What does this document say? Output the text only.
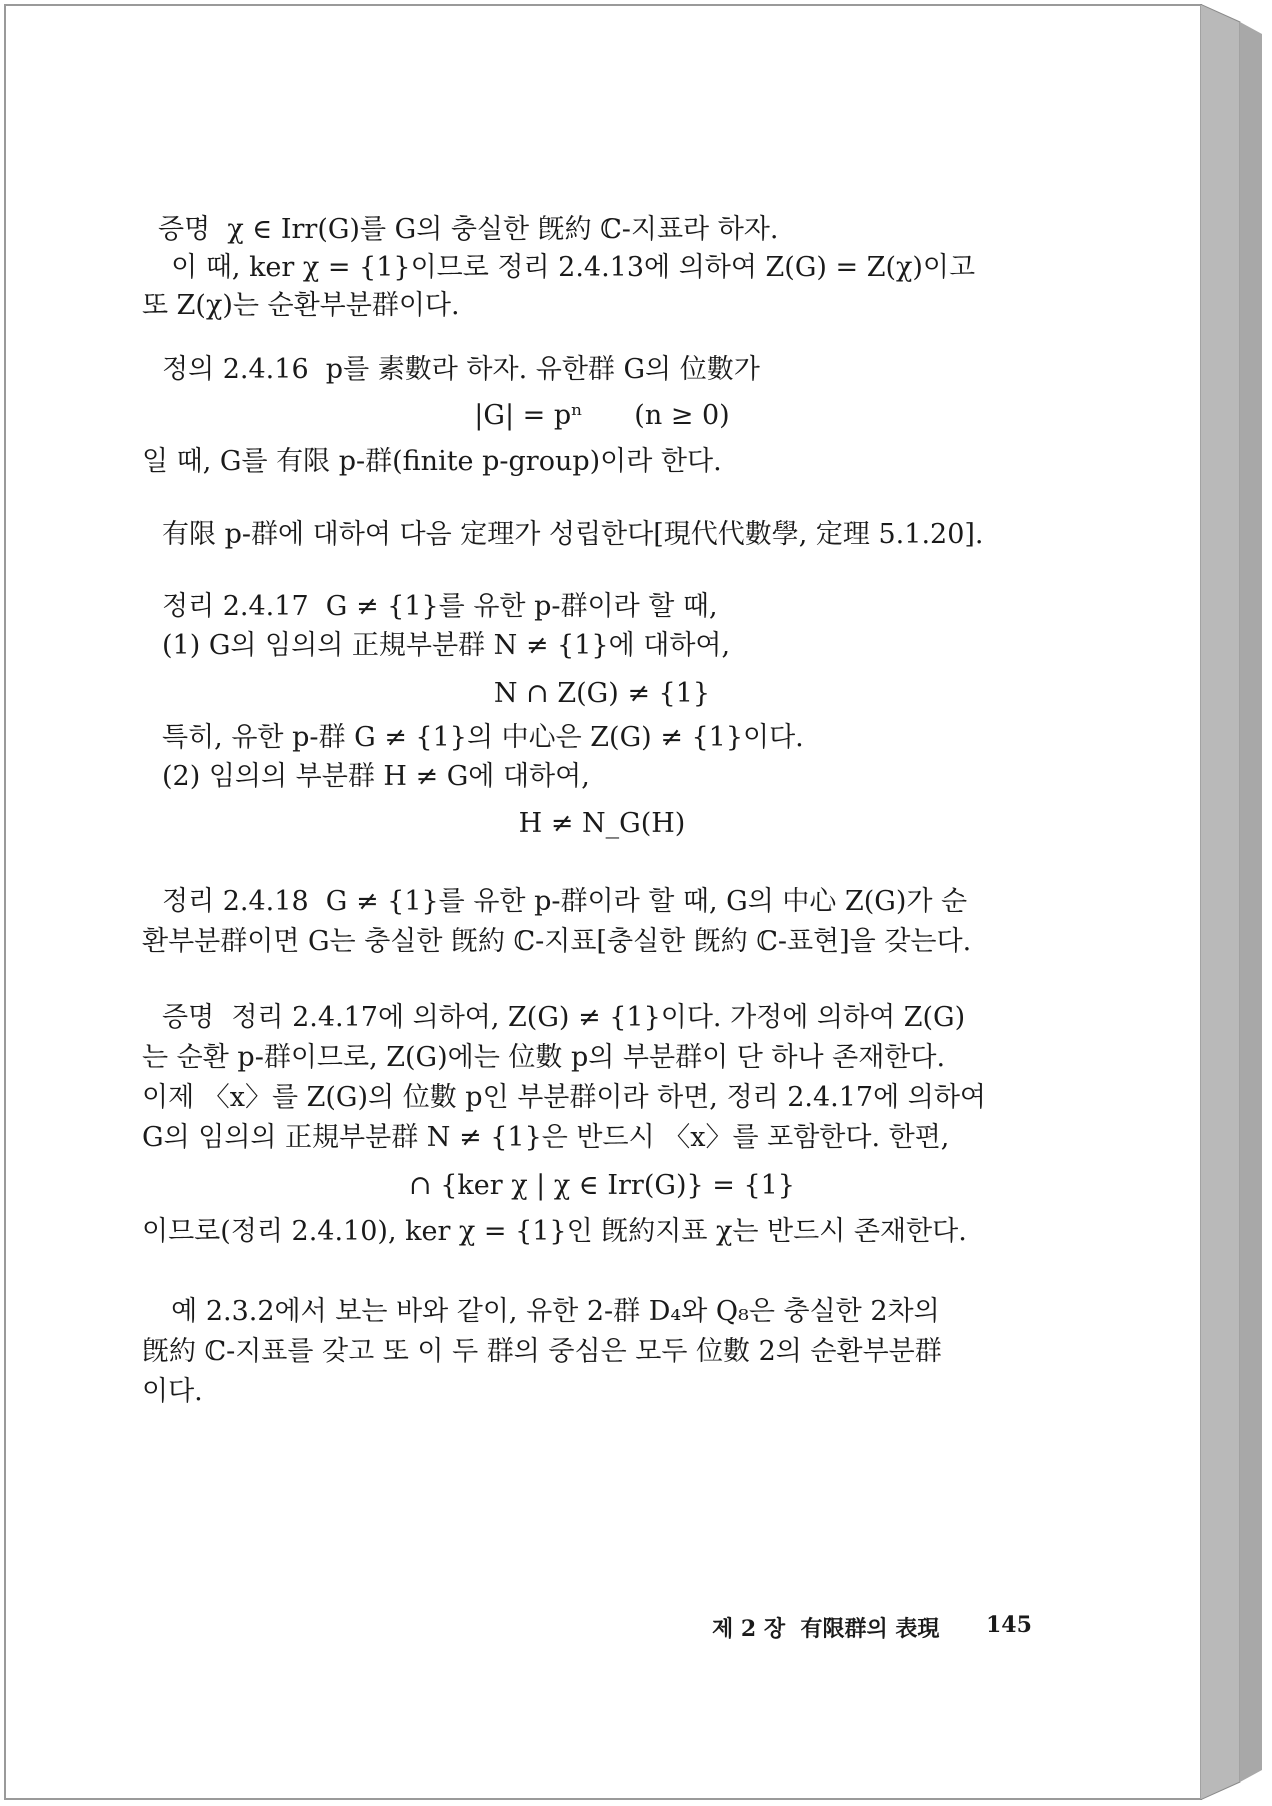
증명  χ ∈ Irr(G)를 G의 충실한 旣約 ℂ-지표라 하자.
이 때, ker χ = {1}이므로 정리 2.4.13에 의하여 Z(G) = Z(χ)이고
또 Z(χ)는 순환부분群이다.
정의 2.4.16  p를 素數라 하자. 유한群 G의 位數가
|G| = pⁿ      (n ≥ 0)
일 때, G를 有限 p-群(finite p-group)이라 한다.
有限 p-群에 대하여 다음 定理가 성립한다[現代代數學, 定理 5.1.20].
정리 2.4.17  G ≠ {1}를 유한 p-群이라 할 때,
(1) G의 임의의 正規부분群 N ≠ {1}에 대하여,
N ∩ Z(G) ≠ {1}
특히, 유한 p-群 G ≠ {1}의 中心은 Z(G) ≠ {1}이다.
(2) 임의의 부분群 H ≠ G에 대하여,
H ≠ N_G(H)
정리 2.4.18  G ≠ {1}를 유한 p-群이라 할 때, G의 中心 Z(G)가 순
환부분群이면 G는 충실한 旣約 ℂ-지표[충실한 旣約 ℂ-표현]을 갖는다.
증명  정리 2.4.17에 의하여, Z(G) ≠ {1}이다. 가정에 의하여 Z(G)
는 순환 p-群이므로, Z(G)에는 位數 p의 부분群이 단 하나 존재한다.
이제 〈x〉를 Z(G)의 位數 p인 부분群이라 하면, 정리 2.4.17에 의하여
G의 임의의 正規부분群 N ≠ {1}은 반드시 〈x〉를 포함한다. 한편,
∩ {ker χ | χ ∈ Irr(G)} = {1}
이므로(정리 2.4.10), ker χ = {1}인 旣約지표 χ는 반드시 존재한다.
예 2.3.2에서 보는 바와 같이, 유한 2-群 D₄와 Q₈은 충실한 2차의
旣約 ℂ-지표를 갖고 또 이 두 群의 중심은 모두 位數 2의 순환부분群
이다.
제 2 장  有限群의 表現 145
